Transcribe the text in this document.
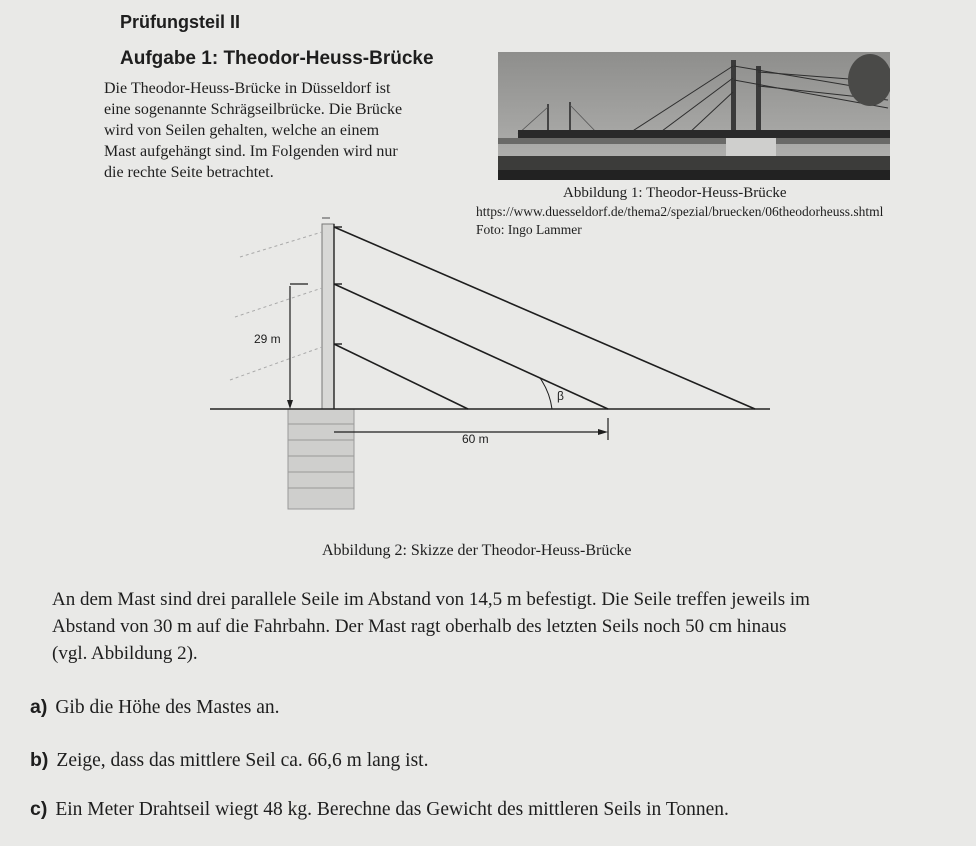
Prüfungsteil II
Aufgabe 1: Theodor-Heuss-Brücke
Die Theodor-Heuss-Brücke in Düsseldorf ist
eine sogenannte Schrägseilbrücke. Die Brücke
wird von Seilen gehalten, welche an einem
Mast aufgehängt sind. Im Folgenden wird nur
die rechte Seite betrachtet.
Abbildung 1: Theodor-Heuss-Brücke
https://www.duesseldorf.de/thema2/spezial/bruecken/06theodorheuss.shtml
Foto: Ingo Lammer
29 m
60 m
β
Abbildung 2: Skizze der Theodor-Heuss-Brücke
An dem Mast sind drei parallele Seile im Abstand von 14,5 m befestigt. Die Seile treffen jeweils im
Abstand von 30 m auf die Fahrbahn. Der Mast ragt oberhalb des letzten Seils noch 50 cm hinaus
(vgl. Abbildung 2).
a) Gib die Höhe des Mastes an.
b) Zeige, dass das mittlere Seil ca. 66,6 m lang ist.
c) Ein Meter Drahtseil wiegt 48 kg. Berechne das Gewicht des mittleren Seils in Tonnen.
